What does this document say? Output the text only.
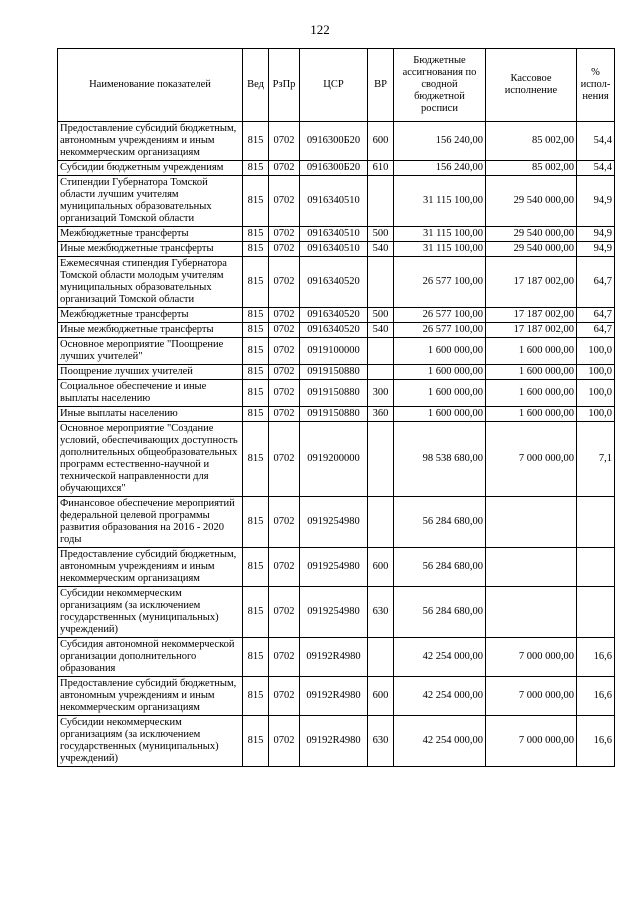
122
Наименование показателей	Вед	РзПр	ЦСР	ВР	Бюджетные ассигнования по сводной бюджетной росписи	Кассовое исполнение	% испол-нения
Предоставление субсидий бюджетным, автономным учреждениям и иным некоммерческим организациям	815	0702	0916300Б20	600	156 240,00	85 002,00	54,4
Субсидии бюджетным учреждениям	815	0702	0916300Б20	610	156 240,00	85 002,00	54,4
Стипендии Губернатора Томской области лучшим учителям муниципальных образовательных организаций Томской области	815	0702	0916340510		31 115 100,00	29 540 000,00	94,9
Межбюджетные трансферты	815	0702	0916340510	500	31 115 100,00	29 540 000,00	94,9
Иные межбюджетные трансферты	815	0702	0916340510	540	31 115 100,00	29 540 000,00	94,9
Ежемесячная стипендия Губернатора Томской области молодым учителям муниципальных образовательных организаций Томской области	815	0702	0916340520		26 577 100,00	17 187 002,00	64,7
Межбюджетные трансферты	815	0702	0916340520	500	26 577 100,00	17 187 002,00	64,7
Иные межбюджетные трансферты	815	0702	0916340520	540	26 577 100,00	17 187 002,00	64,7
Основное мероприятие "Поощрение лучших учителей"	815	0702	0919100000		1 600 000,00	1 600 000,00	100,0
Поощрение лучших учителей	815	0702	0919150880		1 600 000,00	1 600 000,00	100,0
Социальное обеспечение и иные выплаты населению	815	0702	0919150880	300	1 600 000,00	1 600 000,00	100,0
Иные выплаты населению	815	0702	0919150880	360	1 600 000,00	1 600 000,00	100,0
Основное мероприятие "Создание условий, обеспечивающих доступность дополнительных общеобразовательных программ естественно-научной и технической направленности для обучающихся"	815	0702	0919200000		98 538 680,00	7 000 000,00	7,1
Финансовое обеспечение мероприятий федеральной целевой программы развития образования на 2016 - 2020 годы	815	0702	0919254980		56 284 680,00		
Предоставление субсидий бюджетным, автономным учреждениям и иным некоммерческим организациям	815	0702	0919254980	600	56 284 680,00		
Субсидии некоммерческим организациям (за исключением государственных (муниципальных) учреждений)	815	0702	0919254980	630	56 284 680,00		
Субсидия автономной некоммерческой организации дополнительного образования	815	0702	09192R4980		42 254 000,00	7 000 000,00	16,6
Предоставление субсидий бюджетным, автономным учреждениям и иным некоммерческим организациям	815	0702	09192R4980	600	42 254 000,00	7 000 000,00	16,6
Субсидии некоммерческим организациям (за исключением государственных (муниципальных) учреждений)	815	0702	09192R4980	630	42 254 000,00	7 000 000,00	16,6
